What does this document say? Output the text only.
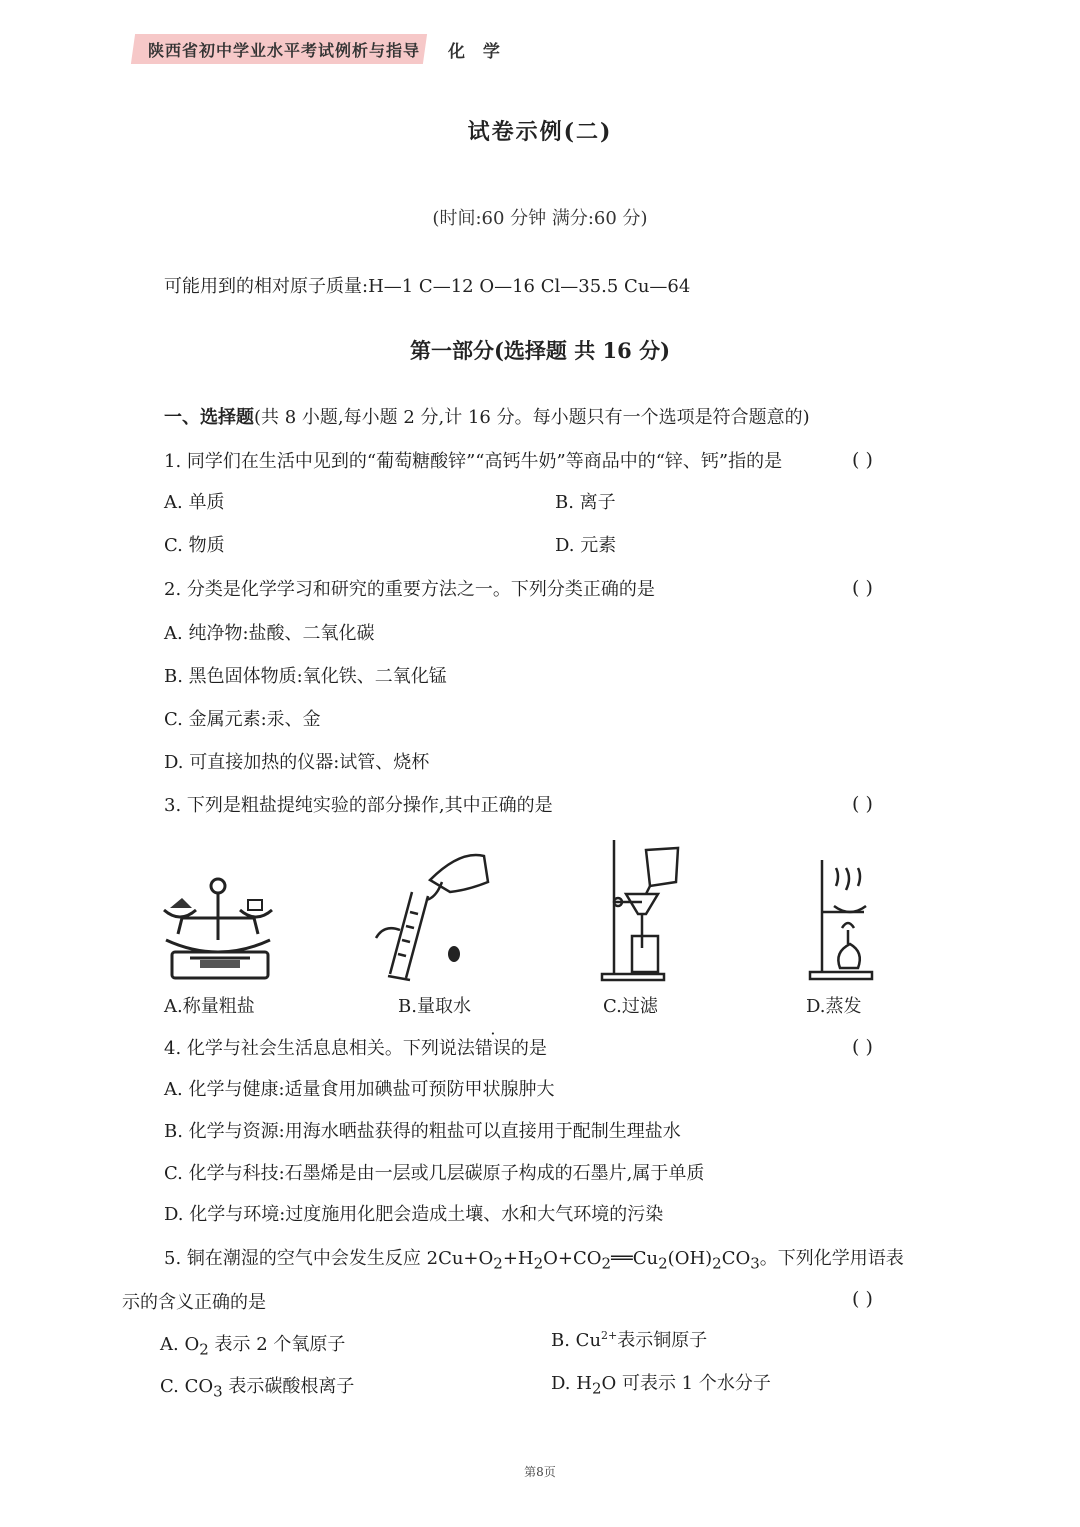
陕西省初中学业水平考试例析与指导 化 学
试卷示例(二)
(时间:60 分钟 满分:60 分)
可能用到的相对原子质量:H—1 C—12 O—16 Cl—35.5 Cu—64
第一部分(选择题 共 16 分)
一、选择题(共 8 小题,每小题 2 分,计 16 分。每小题只有一个选项是符合题意的)
1. 同学们在生活中见到的“葡萄糖酸锌”“高钙牛奶”等商品中的“锌、钙”指的是	( )
A. 单质	B. 离子
C. 物质	D. 元素
2. 分类是化学学习和研究的重要方法之一。下列分类正确的是	( )
A. 纯净物:盐酸、二氧化碳
B. 黑色固体物质:氧化铁、二氧化锰
C. 金属元素:汞、金
D. 可直接加热的仪器:试管、烧杯
3. 下列是粗盐提纯实验的部分操作,其中正确的是	( )
A.称量粗盐	B.量取水	C.过滤	D.蒸发
4. 化学与社会生活息息相关。下列说法错误的是	( )
A. 化学与健康:适量食用加碘盐可预防甲状腺肿大
B. 化学与资源:用海水晒盐获得的粗盐可以直接用于配制生理盐水
C. 化学与科技:石墨烯是由一层或几层碳原子构成的石墨片,属于单质
D. 化学与环境:过度施用化肥会造成土壤、水和大气环境的污染
5. 铜在潮湿的空气中会发生反应 $2Cu+O_2+H_2O+CO_2══Cu_2(OH)_2CO_3$。下列化学用语表
示的含义正确的是	( )
A. $O_2$ 表示 2 个氧原子	B. $Cu^{2+}$表示铜原子
C. $CO_3$ 表示碳酸根离子	D. $H_2O$ 可表示 1 个水分子
第8页
